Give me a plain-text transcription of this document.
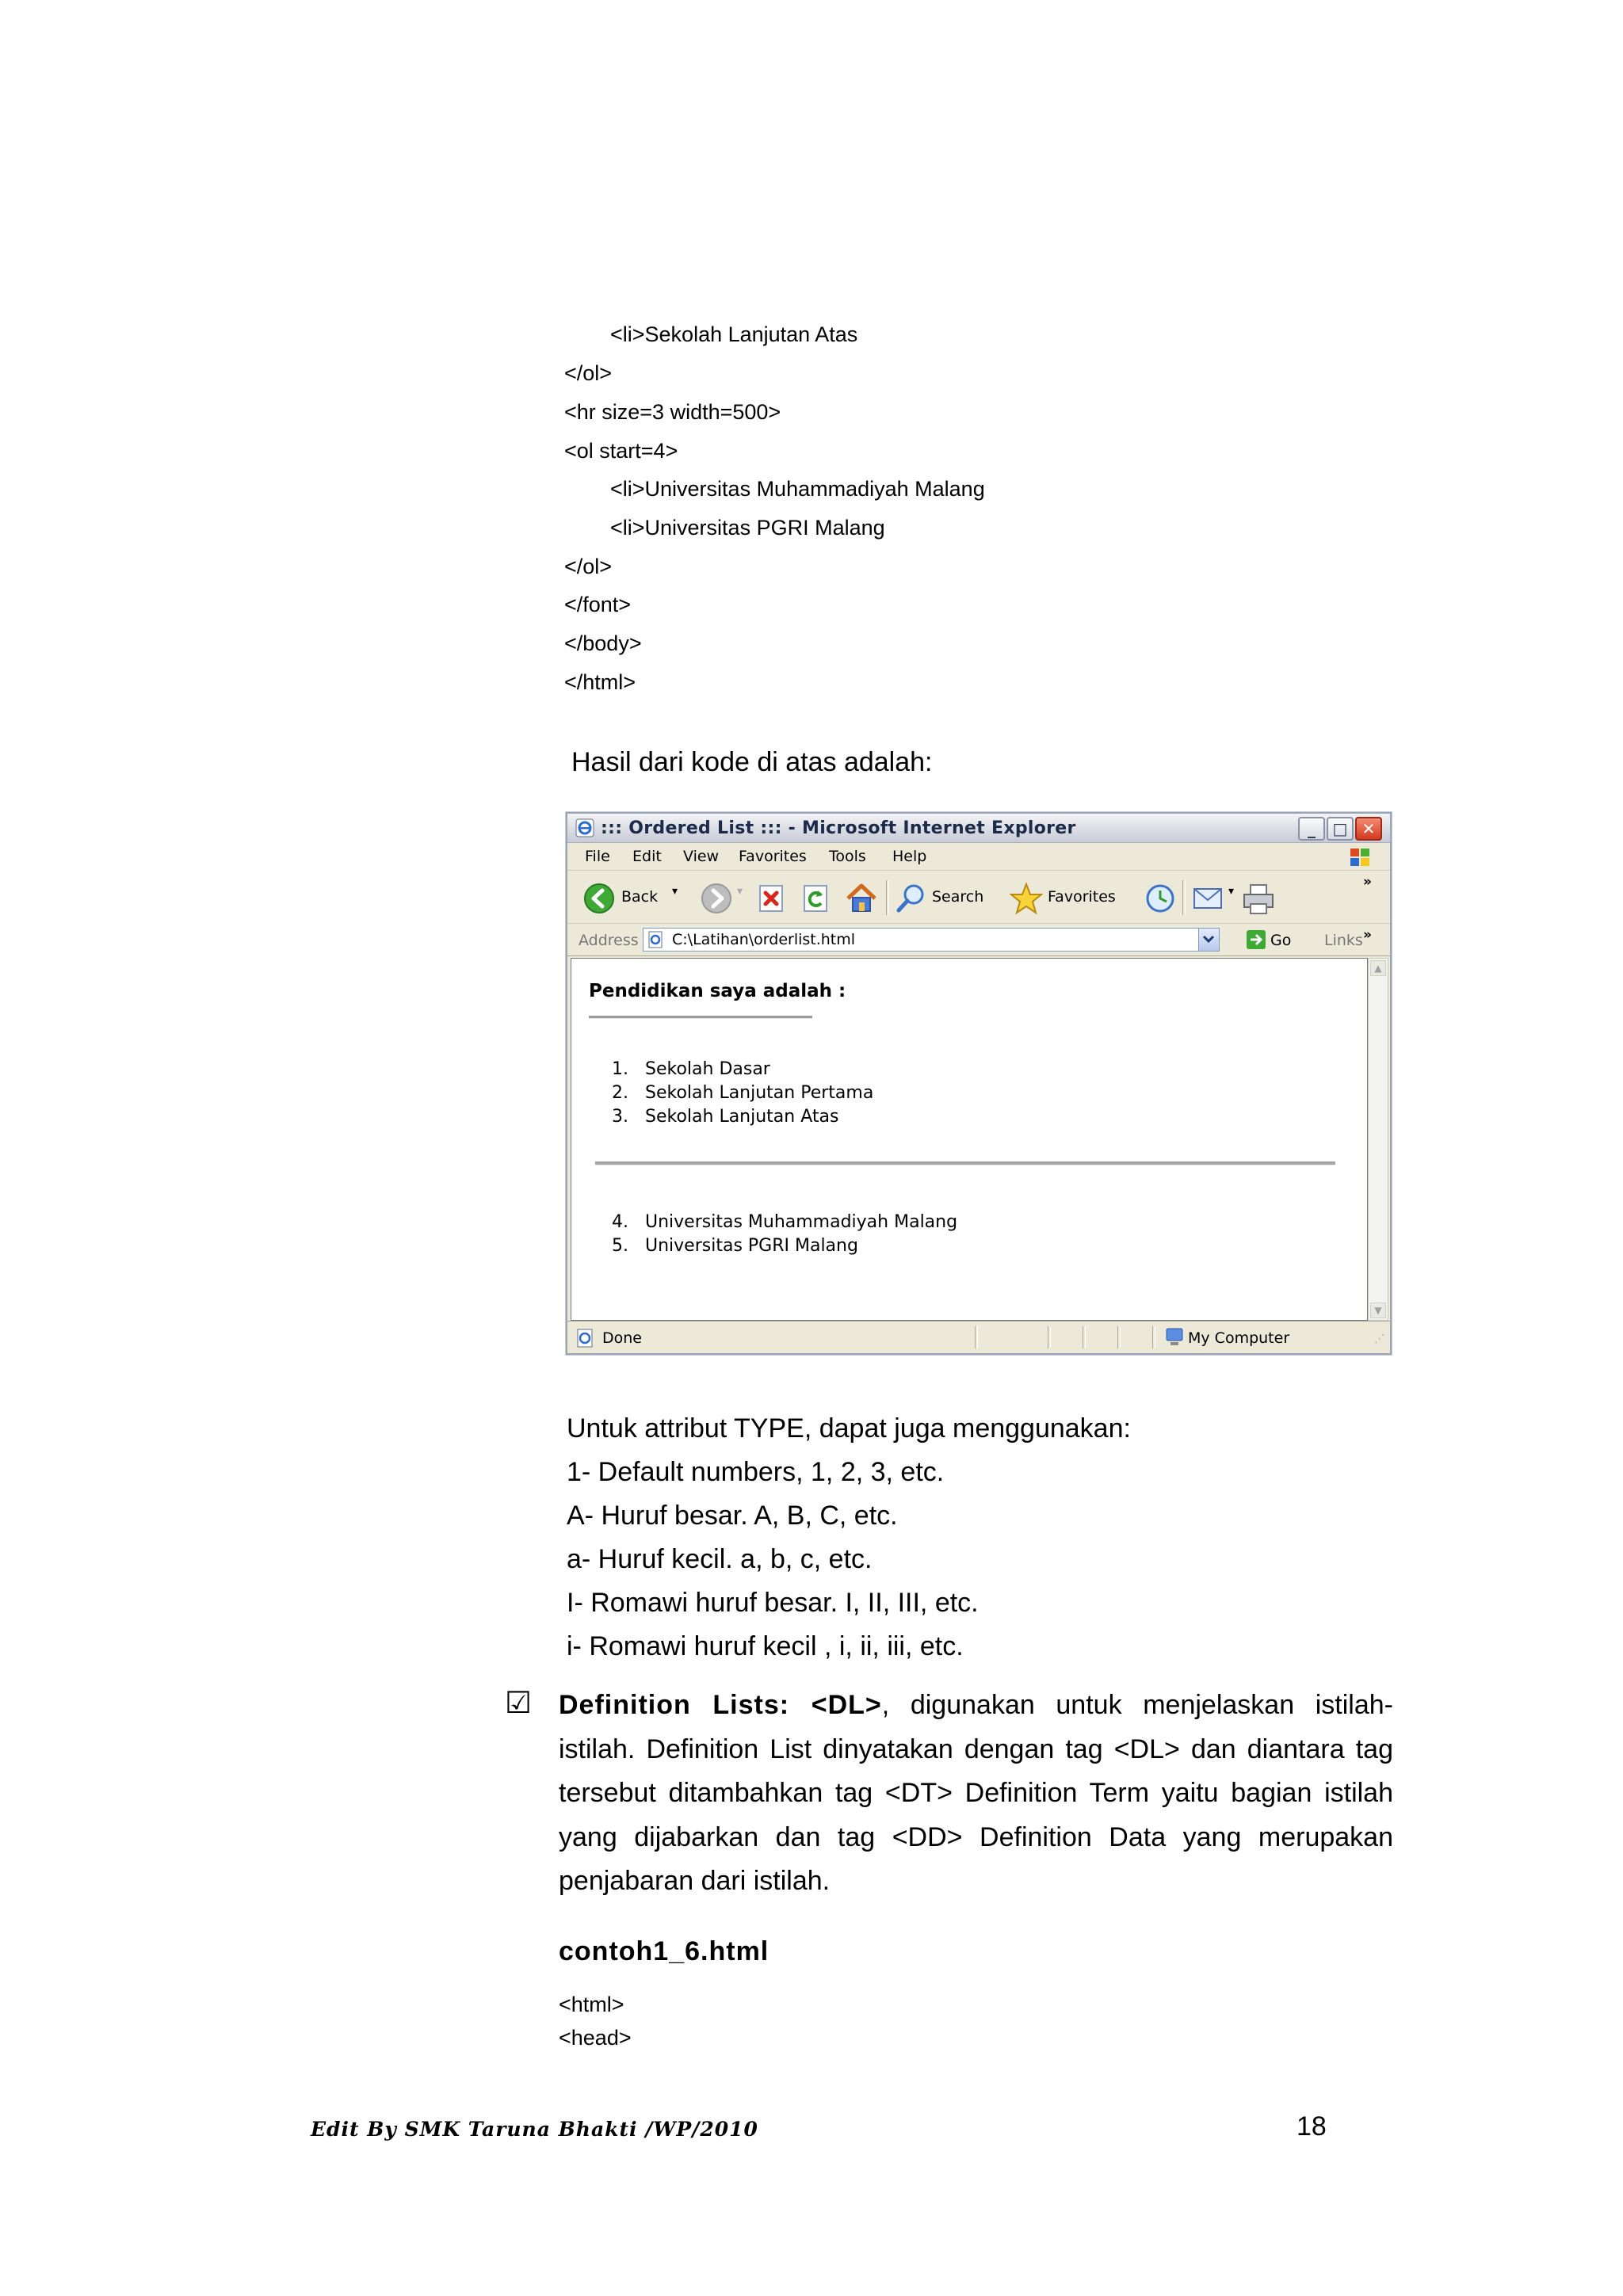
<li>Sekolah Lanjutan Atas
</ol>
<hr size=3 width=500>
<ol start=4>
<li>Universitas Muhammadiyah Malang
<li>Universitas PGRI Malang
</ol>
</font>
</body>
</html>
Hasil dari kode di atas adalah:
::: Ordered List ::: - Microsoft Internet Explorer	_	□ ✕
File Edit View Favorites Tools Help
Back ▾	▾	Search	Favorites	▾
»
Address C:\Latihan\orderlist.html	Go Links »
Pendidikan saya adalah :
1. Sekolah Dasar
2. Sekolah Lanjutan Pertama
3. Sekolah Lanjutan Atas
4. Universitas Muhammadiyah Malang
5. Universitas PGRI Malang
▲
▼
Done	My Computer	⋰
Untuk attribut TYPE, dapat juga menggunakan:
1- Default numbers, 1, 2, 3, etc.
A- Huruf besar. A, B, C, etc.
a- Huruf kecil. a, b, c, etc.
I- Romawi huruf besar. I, II, III, etc.
i- Romawi huruf kecil , i, ii, iii, etc.
☑ Definition Lists: <DL>, digunakan untuk menjelaskan istilah-
istilah. Definition List dinyatakan dengan tag <DL> dan diantara tag
tersebut ditambahkan tag <DT> Definition Term yaitu bagian istilah
yang dijabarkan dan tag <DD> Definition Data yang merupakan
penjabaran dari istilah.
contoh1_6.html
<html>
<head>
Edit By SMK Taruna Bhakti /WP/2010	18
